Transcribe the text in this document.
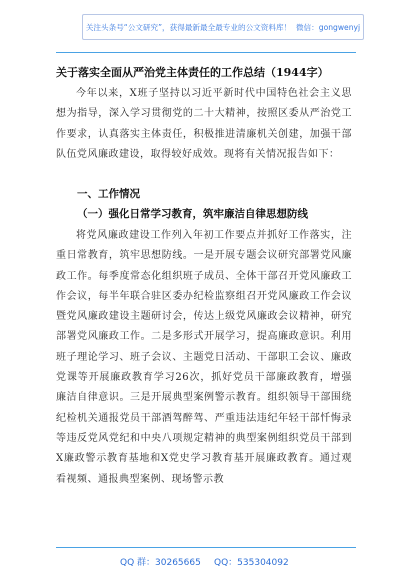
关注头条号“公文研究”，获得最新最全最专业的公文资料库！
微信：gongwenyj
关于落实全面从严治党主体责任的工作总结（1944字）

今年以来，X班子坚持以习近平新时代中国特色社会主义思想为指导，深入学习贯彻党的二十大精神，按照区委从严治党工作要求，认真落实主体责任，积极推进清廉机关创建，加强干部队伍党风廉政建设，取得较好成效。现将有关情况报告如下：

一、工作情况
（一）强化日常学习教育，筑牢廉洁自律思想防线

将党风廉政建设工作列入年初工作要点并抓好工作落实，注重日常教育，筑牢思想防线。一是开展专题会议研究部署党风廉政工作。每季度常态化组织班子成员、全体干部召开党风廉政工作会议，每半年联合驻区委办纪检监察组召开党风廉政工作会议暨党风廉政建设主题研讨会，传达上级党风廉政会议精神，研究部署党风廉政工作。二是多形式开展学习，提高廉政意识。利用班子理论学习、班子会议、主题党日活动、干部职工会议、廉政党课等开展廉政教育学习26次，抓好党员干部廉政教育，增强廉洁自律意识。三是开展典型案例警示教育。组织领导干部围绕纪检机关通报党员干部酒驾醉驾、严重违法违纪年轻干部忏悔录等违反党风党纪和中央八项规定精神的典型案例组织党员干部到X廉政警示教育基地和X党史学习教育基开展廉政教育。通过观看视频、通报典型案例、现场警示教

QQ 群：30265665 QQ：535304092
